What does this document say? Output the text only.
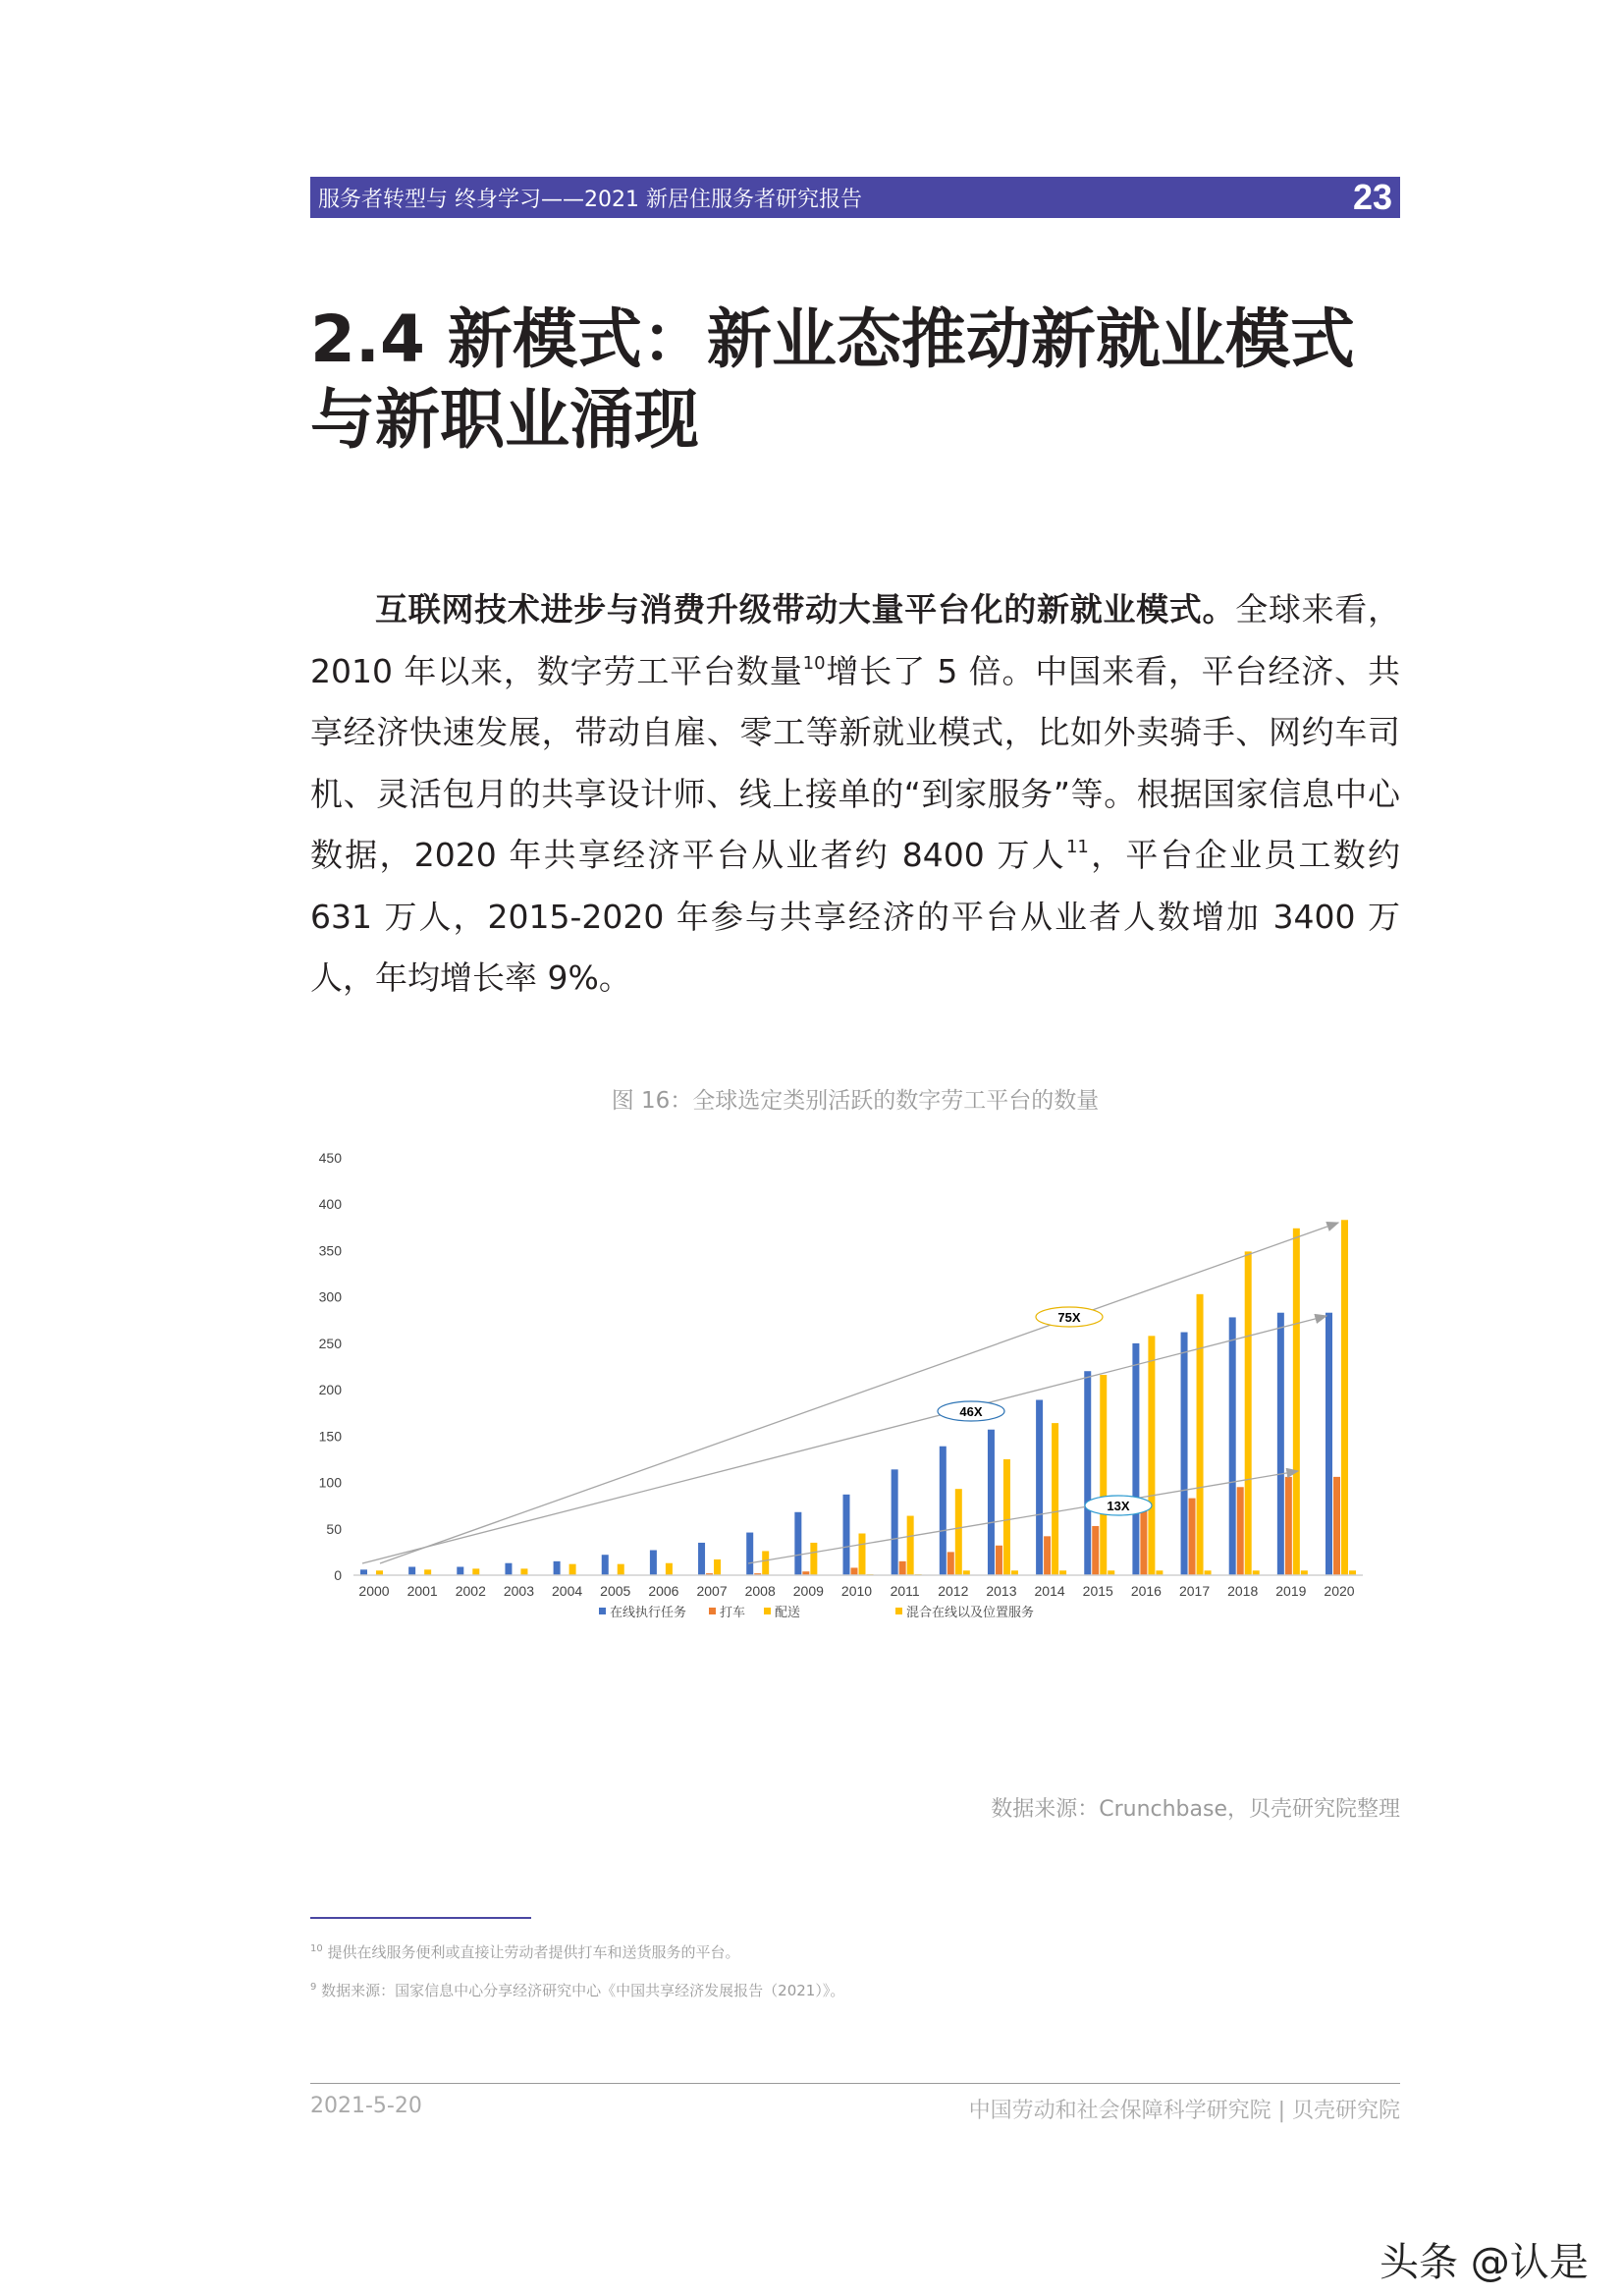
服务者转型与 终身学习——2021 新居住服务者研究报告	23
2.4 新模式：新业态推动新就业模式
与新职业涌现

互联网技术进步与消费升级带动大量平台化的新就业模式。全球来看，2010 年以来，数字劳工平台数量$^{10}$增长了 5 倍。中国来看，平台经济、共享经济快速发展，带动自雇、零工等新就业模式，比如外卖骑手、网约车司机、灵活包月的共享设计师、线上接单的“到家服务”等。根据国家信息中心数据，2020 年共享经济平台从业者约 8400 万人$^{11}$，平台企业员工数约 631 万人，2015-2020 年参与共享经济的平台从业者人数增加 3400 万人，年均增长率 9%。

图 16：全球选定类别活跃的数字劳工平台的数量
0
50
100
150
200
250
300
350
400
450
2000 2001 2002 2003 2004 2005 2006 2007 2008 2009 2010 2011 2012 2013 2014 2015 2016 2017 2018 2019 2020
75X
46X
13X
在线执行任务	打车 配送	混合在线以及位置服务
数据来源：Crunchbase，贝壳研究院整理
$^{10}$ 提供在线服务便利或直接让劳动者提供打车和送货服务的平台。
$^9$ 数据来源：国家信息中心分享经济研究中心《中国共享经济发展报告（2021）》。
2021-5-20	中国劳动和社会保障科学研究院 | 贝壳研究院
头条 @认是
